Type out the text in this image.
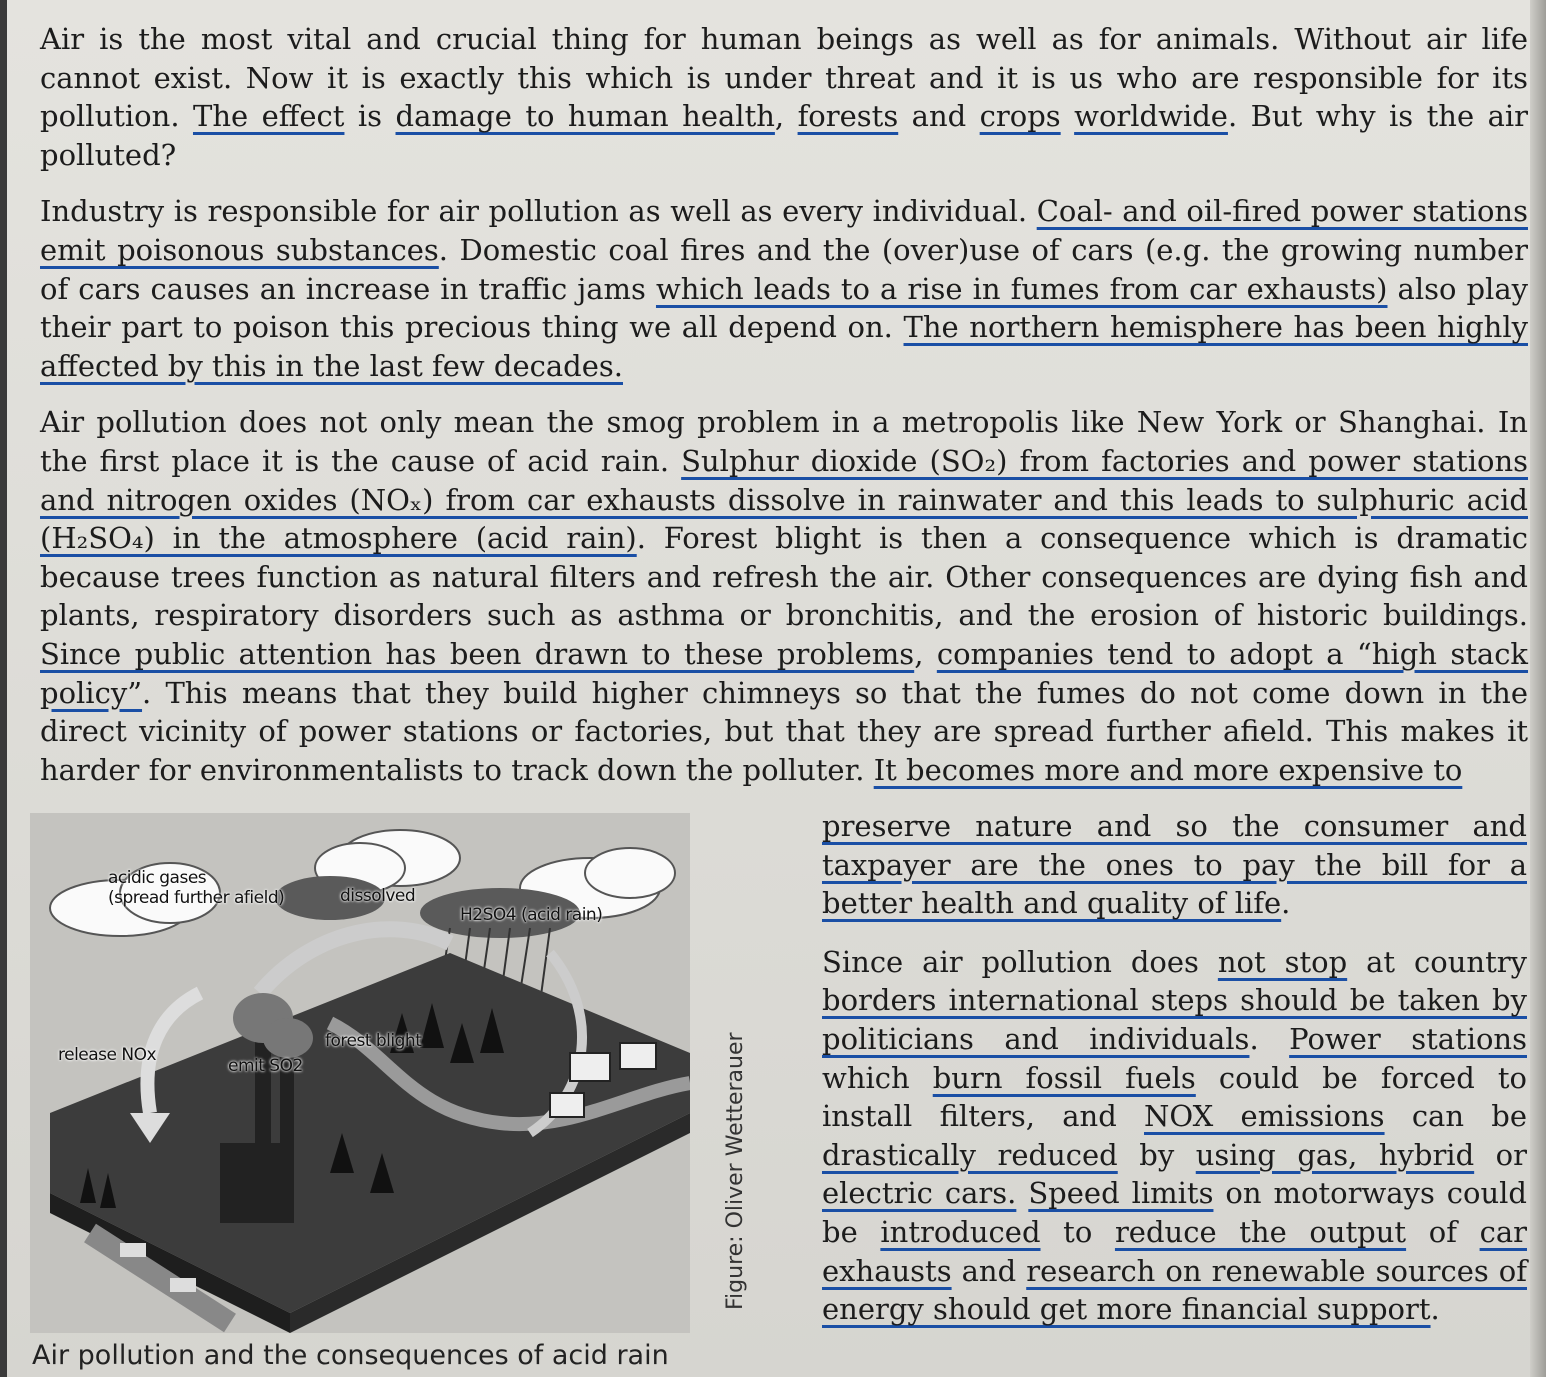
Air is the most vital and crucial thing for human beings as well as for animals. Without air life cannot exist. Now it is exactly this which is under threat and it is us who are responsible for its pollution. The effect is damage to human health, forests and crops worldwide. But why is the air polluted?

Industry is responsible for air pollution as well as every individual. Coal- and oil-fired power stations emit poisonous substances. Domestic coal fires and the (over)use of cars (e.g. the growing number of cars causes an increase in traffic jams which leads to a rise in fumes from car exhausts) also play their part to poison this precious thing we all depend on. The northern hemisphere has been highly affected by this in the last few decades.

Air pollution does not only mean the smog problem in a metropolis like New York or Shanghai. In the first place it is the cause of acid rain. Sulphur dioxide (SO₂) from factories and power stations and nitrogen oxides (NOₓ) from car exhausts dissolve in rainwater and this leads to sulphuric acid (H₂SO₄) in the atmosphere (acid rain). Forest blight is then a consequence which is dramatic because trees function as natural filters and refresh the air. Other consequences are dying fish and plants, respiratory disorders such as asthma or bronchitis, and the erosion of historic buildings. Since public attention has been drawn to these problems, companies tend to adopt a “high stack policy”. This means that they build higher chimneys so that the fumes do not come down in the direct vicinity of power stations or factories, but that they are spread further afield. This makes it harder for environmentalists to track down the polluter. It becomes more and more expensive to

acidic gases
(spread further afield)	dissolved
H2SO4 (acid rain)
forest blight
release NOx
emit SO2	Figure: Oliver Wetterauer
Air pollution and the consequences of acid rain

preserve nature and so the consumer and taxpayer are the ones to pay the bill for a better health and quality of life.

Since air pollution does not stop at country borders international steps should be taken by politicians and individuals. Power stations which burn fossil fuels could be forced to install filters, and NOX emissions can be drastically reduced by using gas, hybrid or electric cars. Speed limits on motorways could be introduced to reduce the output of car exhausts and research on renewable sources of energy should get more financial support.
